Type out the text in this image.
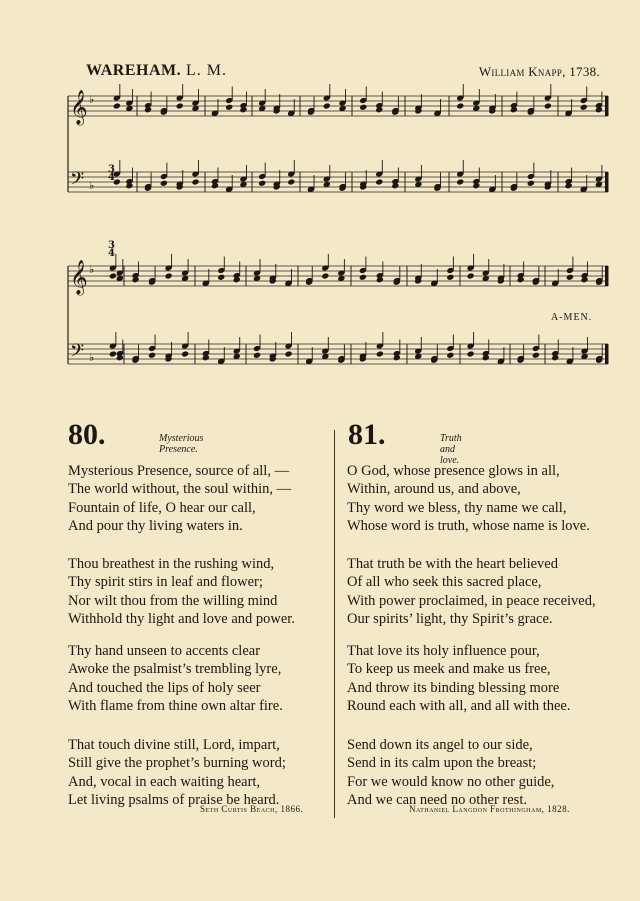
WAREHAM. L. M.	William Knapp, 1738.
𝄞
𝄢
♭
♭
𝄞
𝄢
♭
♭
3
4
3
4
A-MEN.
80.	Mysterious Presence.
Mysterious Presence, source of all, —
The world without, the soul within, —
Fountain of life, O hear our call,
And pour thy living waters in.
Thou breathest in the rushing wind,
Thy spirit stirs in leaf and flower;
Nor wilt thou from the willing mind
Withhold thy light and love and power.
Thy hand unseen to accents clear
Awoke the psalmist’s trembling lyre,
And touched the lips of holy seer
With flame from thine own altar fire.
That touch divine still, Lord, impart,
Still give the prophet’s burning word;
And, vocal in each waiting heart,
Let living psalms of praise be heard.
Seth Curtis Beach, 1866.
81.	Truth and love.
O God, whose presence glows in all,
Within, around us, and above,
Thy word we bless, thy name we call,
Whose word is truth, whose name is love.
That truth be with the heart believed
Of all who seek this sacred place,
With power proclaimed, in peace received,
Our spirits’ light, thy Spirit’s grace.
That love its holy influence pour,
To keep us meek and make us free,
And throw its binding blessing more
Round each with all, and all with thee.
Send down its angel to our side,
Send in its calm upon the breast;
For we would know no other guide,
And we can need no other rest.
Nathaniel Langdon Frothingham, 1828.
